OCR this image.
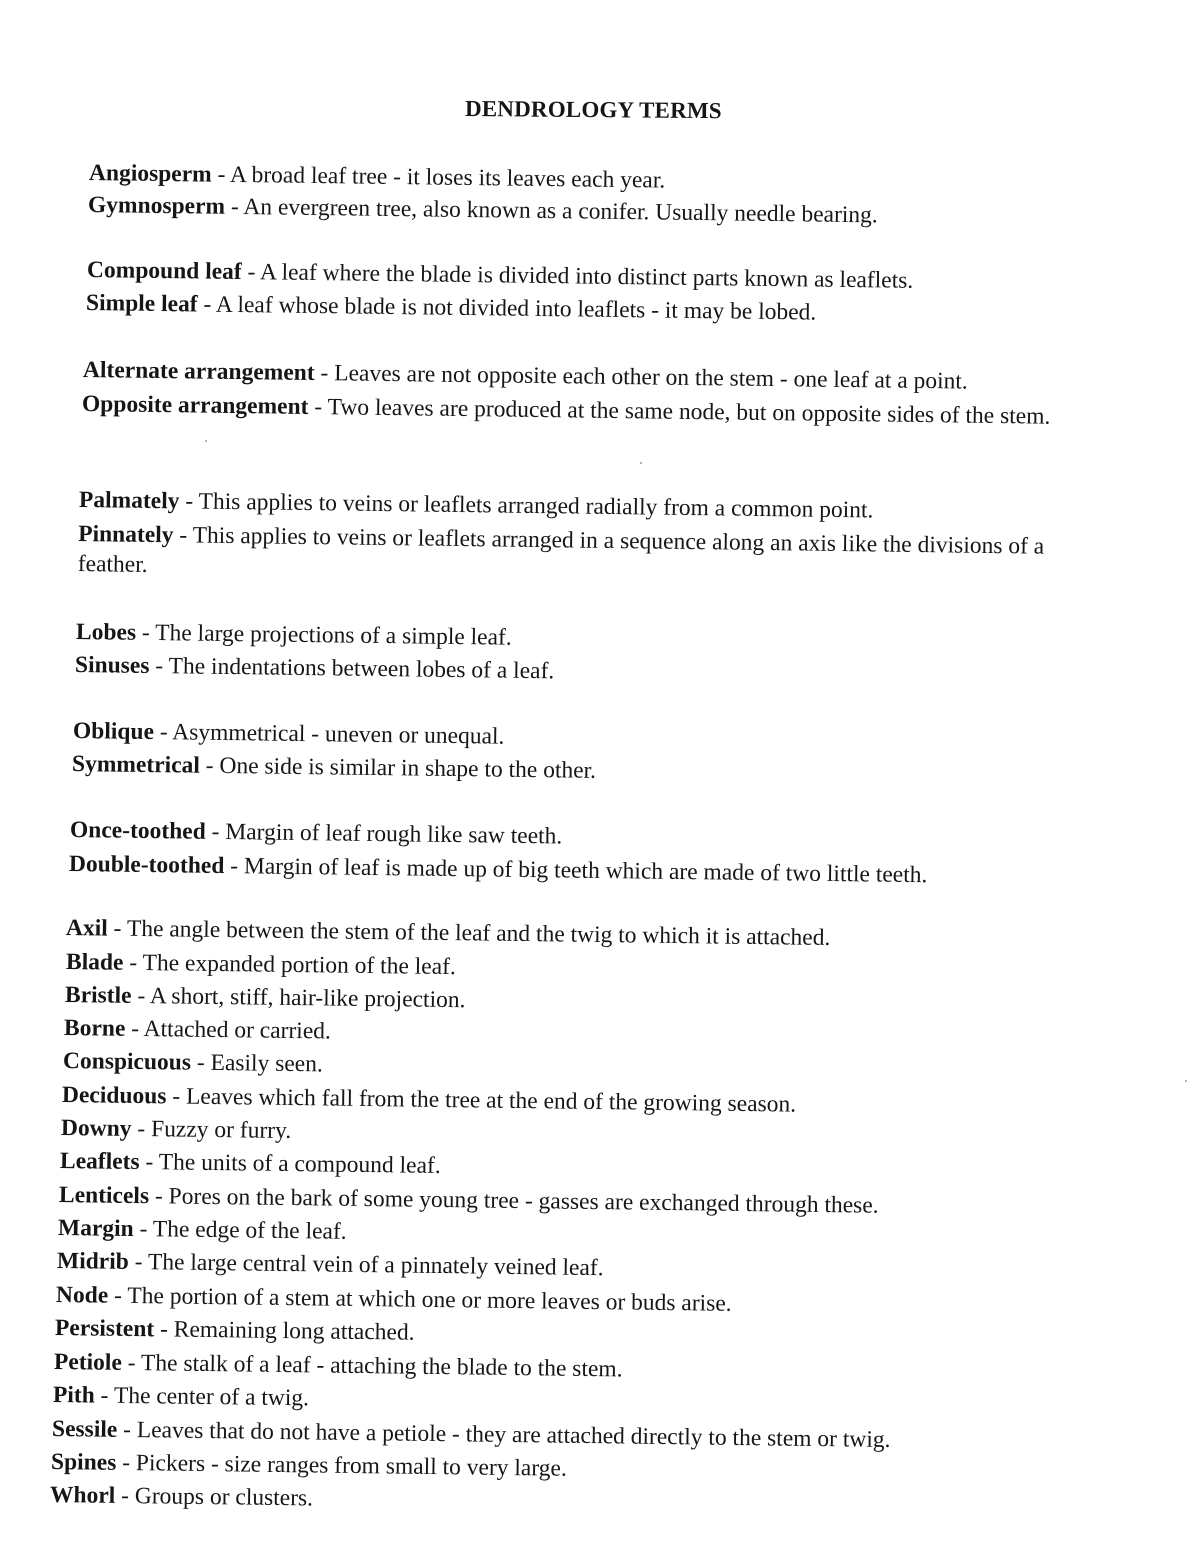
DENDROLOGY TERMS
Angiosperm - A broad leaf tree - it loses its leaves each year.
Gymnosperm - An evergreen tree, also known as a conifer. Usually needle bearing.
Compound leaf - A leaf where the blade is divided into distinct parts known as leaflets.
Simple leaf - A leaf whose blade is not divided into leaflets - it may be lobed.
Alternate arrangement - Leaves are not opposite each other on the stem - one leaf at a point.
Opposite arrangement - Two leaves are produced at the same node, but on opposite sides of the stem.
Palmately - This applies to veins or leaflets arranged radially from a common point.
Pinnately - This applies to veins or leaflets arranged in a sequence along an axis like the divisions of a feather.
Lobes - The large projections of a simple leaf.
Sinuses - The indentations between lobes of a leaf.
Oblique - Asymmetrical - uneven or unequal.
Symmetrical - One side is similar in shape to the other.
Once-toothed - Margin of leaf rough like saw teeth.
Double-toothed - Margin of leaf is made up of big teeth which are made of two little teeth.
Axil - The angle between the stem of the leaf and the twig to which it is attached.
Blade - The expanded portion of the leaf.
Bristle - A short, stiff, hair-like projection.
Borne - Attached or carried.
Conspicuous - Easily seen.
Deciduous - Leaves which fall from the tree at the end of the growing season.
Downy - Fuzzy or furry.
Leaflets - The units of a compound leaf.
Lenticels - Pores on the bark of some young tree - gasses are exchanged through these.
Margin - The edge of the leaf.
Midrib - The large central vein of a pinnately veined leaf.
Node - The portion of a stem at which one or more leaves or buds arise.
Persistent - Remaining long attached.
Petiole - The stalk of a leaf - attaching the blade to the stem.
Pith - The center of a twig.
Sessile - Leaves that do not have a petiole - they are attached directly to the stem or twig.
Spines - Pickers - size ranges from small to very large.
Whorl - Groups or clusters.
